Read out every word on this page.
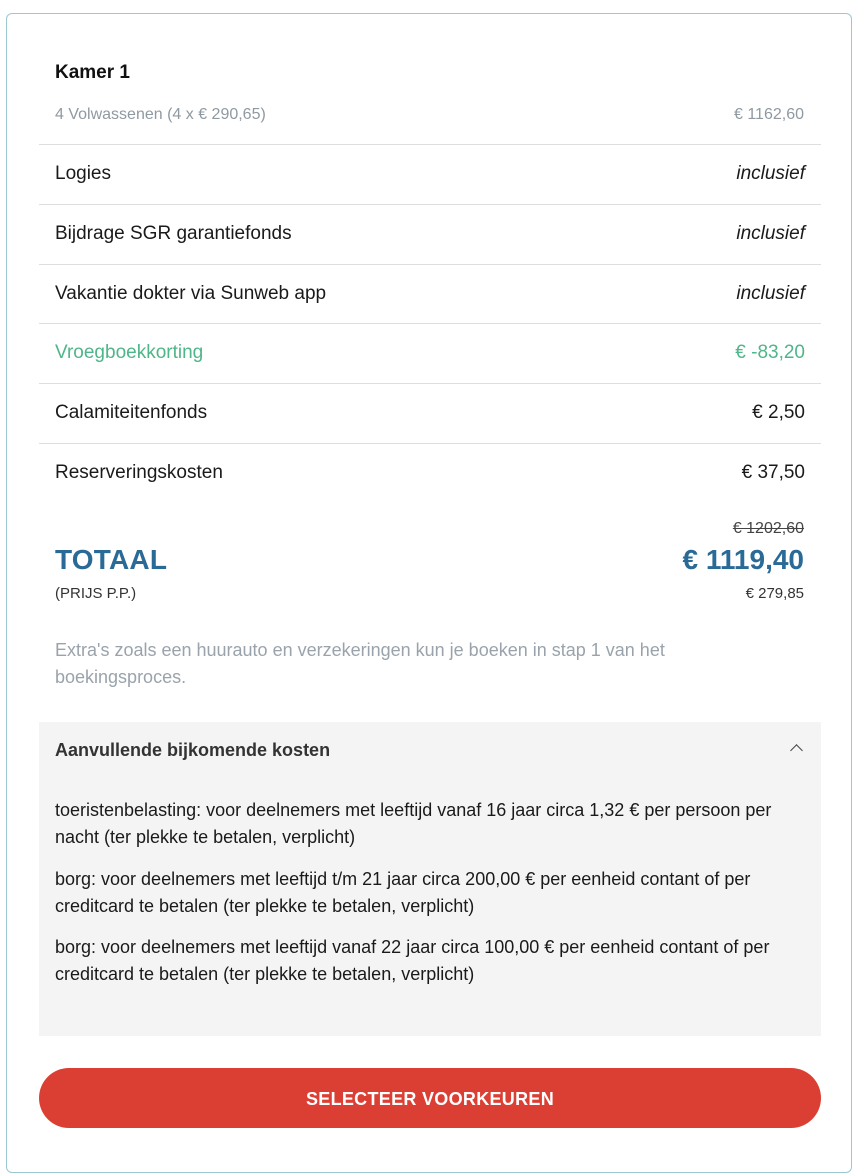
Kamer 1
4 Volwassenen (4 x € 290,65)	€ 1162,60
Logies	inclusief
Bijdrage SGR garantiefonds	inclusief
Vakantie dokter via Sunweb app	inclusief
Vroegboekkorting	€ -83,20
Calamiteitenfonds	€ 2,50
Reserveringskosten	€ 37,50
€ 1202,60
TOTAAL	€ 1119,40
(PRIJS P.P.)	€ 279,85
Extra's zoals een huurauto en verzekeringen kun je boeken in stap 1 van het boekingsproces.
Aanvullende bijkomende kosten
toeristenbelasting: voor deelnemers met leeftijd vanaf 16 jaar circa 1,32 € per persoon per nacht (ter plekke te betalen, verplicht)
borg: voor deelnemers met leeftijd t/m 21 jaar circa 200,00 € per eenheid contant of per creditcard te betalen (ter plekke te betalen, verplicht)
borg: voor deelnemers met leeftijd vanaf 22 jaar circa 100,00 € per eenheid contant of per creditcard te betalen (ter plekke te betalen, verplicht)
SELECTEER VOORKEUREN
